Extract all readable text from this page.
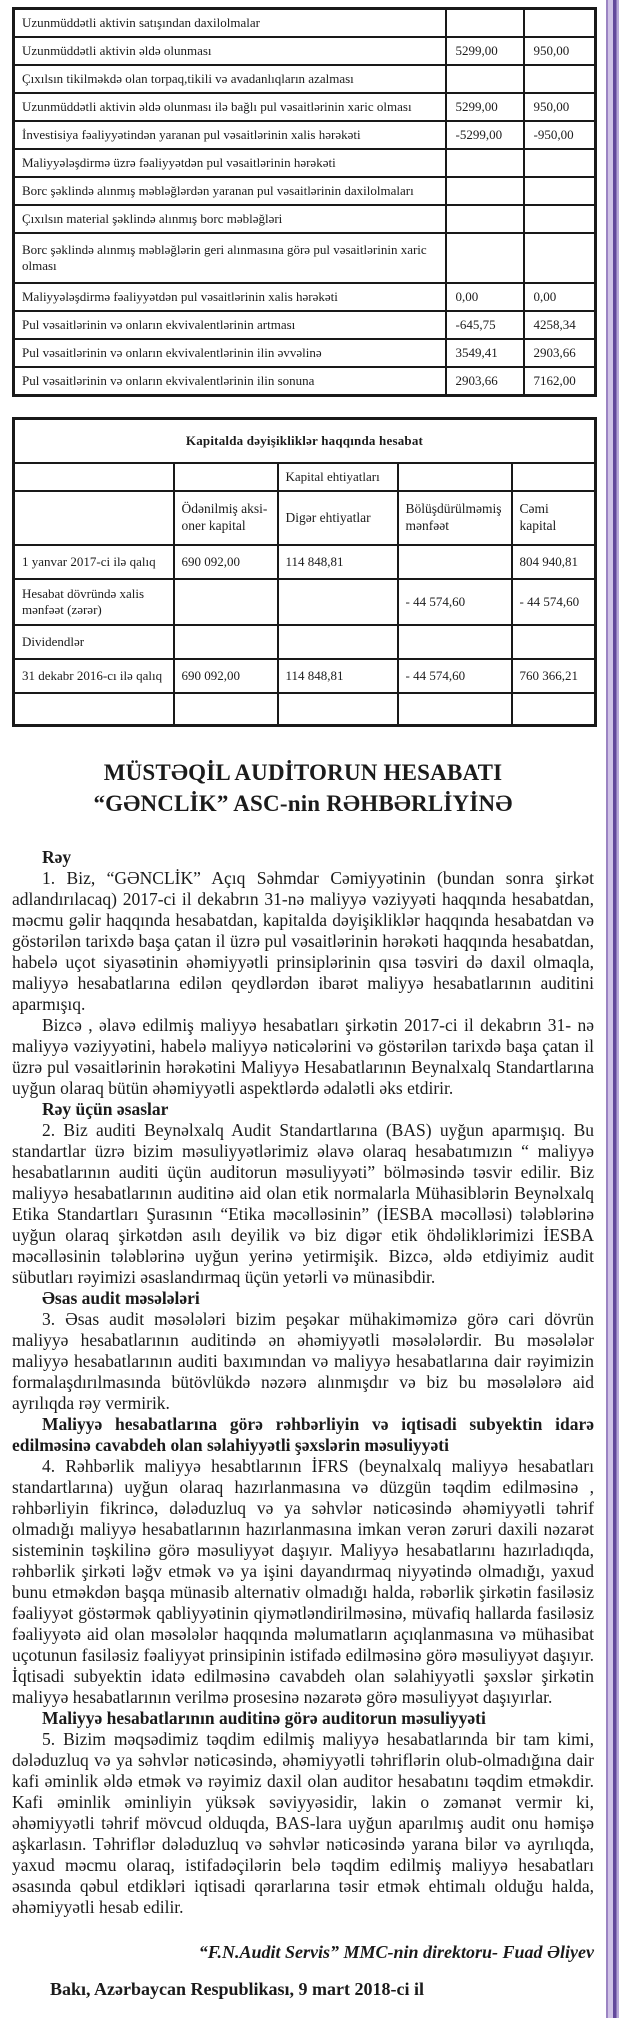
Uzunmüddətli aktivin satışından daxilolmalar		
Uzunmüddətli aktivin əldə olunması	5299,00	950,00
Çıxılsın tikilməkdə olan torpaq,tikili və avadanlıqların azalması		
Uzunmüddətli aktivin əldə olunması ilə bağlı pul vəsaitlərinin xaric olması	5299,00	950,00
İnvestisiya fəaliyyətindən yaranan pul vəsaitlərinin xalis hərəkəti	-5299,00	-950,00
Maliyyələşdirmə üzrə fəaliyyətdən pul vəsaitlərinin hərəkəti		
Borc şəklində alınmış məbləğlərdən yaranan pul vəsaitlərinin daxilolmaları		
Çıxılsın material şəklində alınmış borc məbləğləri		
Borc şəklində alınmış məbləğlərin geri alınmasına görə pul vəsaitlərinin xaric olması		
Maliyyələşdirmə fəaliyyətdən pul vəsaitlərinin xalis hərəkəti	0,00	0,00
Pul vəsaitlərinin və onların ekvivalentlərinin artması	-645,75	4258,34
Pul vəsaitlərinin və onların ekvivalentlərinin ilin əvvəlinə	3549,41	2903,66
Pul vəsaitlərinin və onların ekvivalentlərinin ilin sonuna	2903,66	7162,00
Kapitalda dəyişikliklər haqqında hesabat				
		Kapital ehtiyatları		
	Ödənilmiş aksi-oner kapital	Digər ehtiyatlar	Bölüşdürülməmiş mənfəət	Cəmi kapital
1 yanvar 2017-ci ilə qalıq	690 092,00	114 848,81		804 940,81
Hesabat dövründə xalis mənfəət (zərər)			- 44 574,60	- 44 574,60
Dividendlər				
31 dekabr 2016-cı ilə qalıq	690 092,00	114 848,81	- 44 574,60	760 366,21

MÜSTƏQİL AUDİTORUN HESABATI
“GƏNCLİK” ASC-nin RƏHBƏRLİYİNƏ

Rəy

1. Biz, “GƏNCLİK” Açıq Səhmdar Cəmiyyətinin (bundan sonra şirkət adlandırılacaq) 2017-ci il dekabrın 31-nə maliyyə vəziyyəti haqqında hesabatdan, məcmu gəlir haqqında hesabatdan, kapitalda dəyişikliklər haqqında hesabatdan və göstərilən tarixdə başa çatan il üzrə pul vəsaitlərinin hərəkəti haqqında hesabatdan, habelə uçot siyasətinin əhəmiyyətli prinsiplərinin qısa təsviri də daxil olmaqla, maliyyə hesabatlarına edilən qeydlərdən ibarət maliyyə hesabatlarının auditini aparmışıq.

Bizcə , əlavə edilmiş maliyyə hesabatları şirkətin 2017-ci il dekabrın 31- nə maliyyə vəziyyətini, habelə maliyyə nəticələrini və göstərilən tarixdə başa çatan il üzrə pul vəsaitlərinin hərəkətini Maliyyə Hesabatlarının Beynalxalq Standartlarına uyğun olaraq bütün əhəmiyyətli aspektlərdə ədalətli əks etdirir.

Rəy üçün əsaslar

2. Biz auditi Beynəlxalq Audit Standartlarına (BAS) uyğun aparmışıq. Bu standartlar üzrə bizim məsuliyyətlərimiz əlavə olaraq hesabatımızın “ maliyyə hesabatlarının auditi üçün auditorun məsuliyyəti” bölməsində təsvir edilir. Biz maliyyə hesabatlarının auditinə aid olan etik normalarla Mühasiblərin Beynəlxalq Etika Standartları Şurasının “Etika məcəlləsinin” (İESBA məcəlləsi) tələblərinə uyğun olaraq şirkətdən asılı deyilik və biz digər etik öhdəliklərimizi İESBA məcəlləsinin tələblərinə uyğun yerinə yetirmişik. Bizcə, əldə etdiyimiz audit sübutları rəyimizi əsaslandırmaq üçün yetərli və münasibdir.

Əsas audit məsələləri

3. Əsas audit məsələləri bizim peşəkar mühakiməmizə görə cari dövrün maliyyə hesabatlarının auditində ən əhəmiyyətli məsələlərdir. Bu məsələlər maliyyə hesabatlarının auditi baxımından və maliyyə hesabatlarına dair rəyimizin formalaşdırılmasında bütövlükdə nəzərə alınmışdır və biz bu məsələlərə aid ayrılıqda rəy vermirik.

Maliyyə hesabatlarına görə rəhbərliyin və iqtisadi subyektin idarə edilməsinə cavabdeh olan səlahiyyətli şəxslərin məsuliyyəti

4. Rəhbərlik maliyyə hesabtlarının İFRS (beynalxalq maliyyə hesabatları standartlarına) uyğun olaraq hazırlanmasına və düzgün təqdim edilməsinə , rəhbərliyin fikrincə, dələduzluq və ya səhvlər nəticəsində əhəmiyyətli təhrif olmadığı maliyyə hesabatlarının hazırlanmasına imkan verən zəruri daxili nəzarət sisteminin təşkilinə görə məsuliyyət daşıyır. Maliyyə hesabatlarını hazırladıqda, rəhbərlik şirkəti ləğv etmək və ya işini dayandırmaq niyyətində olmadığı, yaxud bunu etməkdən başqa münasib alternativ olmadığı halda, rəbərlik şirkətin fasiləsiz fəaliyyət göstərmək qabliyyətinin qiymətləndirilməsinə, müvafiq hallarda fasiləsiz fəaliyyətə aid olan məsələlər haqqında məlumatların açıqlanmasına və mühasibat uçotunun fasiləsiz fəaliyyət prinsipinin istifadə edilməsinə görə məsuliyyət daşıyır. İqtisadi subyektin idatə edilməsinə cavabdeh olan səlahiyyətli şəxslər şirkətin maliyyə hesabatlarının verilmə prosesinə nəzarətə görə məsuliyyət daşıyırlar.

Maliyyə hesabatlarının auditinə görə auditorun məsuliyyəti

5. Bizim məqsədimiz təqdim edilmiş maliyyə hesabatlarında bir tam kimi, dələduzluq və ya səhvlər nəticəsində, əhəmiyyətli təhriflərin olub-olmadığına dair kafi əminlik əldə etmək və rəyimiz daxil olan auditor hesabatını təqdim etməkdir. Kafi əminlik əminliyin yüksək səviyyəsidir, lakin o zəmanət vermir ki, əhəmiyyətli təhrif mövcud olduqda, BAS-lara uyğun aparılmış audit onu həmişə aşkarlasın. Təhriflər dələduzluq və səhvlər nəticəsində yarana bilər və ayrılıqda, yaxud məcmu olaraq, istifadəçilərin belə təqdim edilmiş maliyyə hesabatları əsasında qəbul etdikləri iqtisadi qərarlarına təsir etmək ehtimalı olduğu halda, əhəmiyyətli hesab edilir.

“F.N.Audit Servis” MMC-nin direktoru- Fuad Əliyev

Bakı, Azərbaycan Respublikası, 9 mart 2018-ci il
